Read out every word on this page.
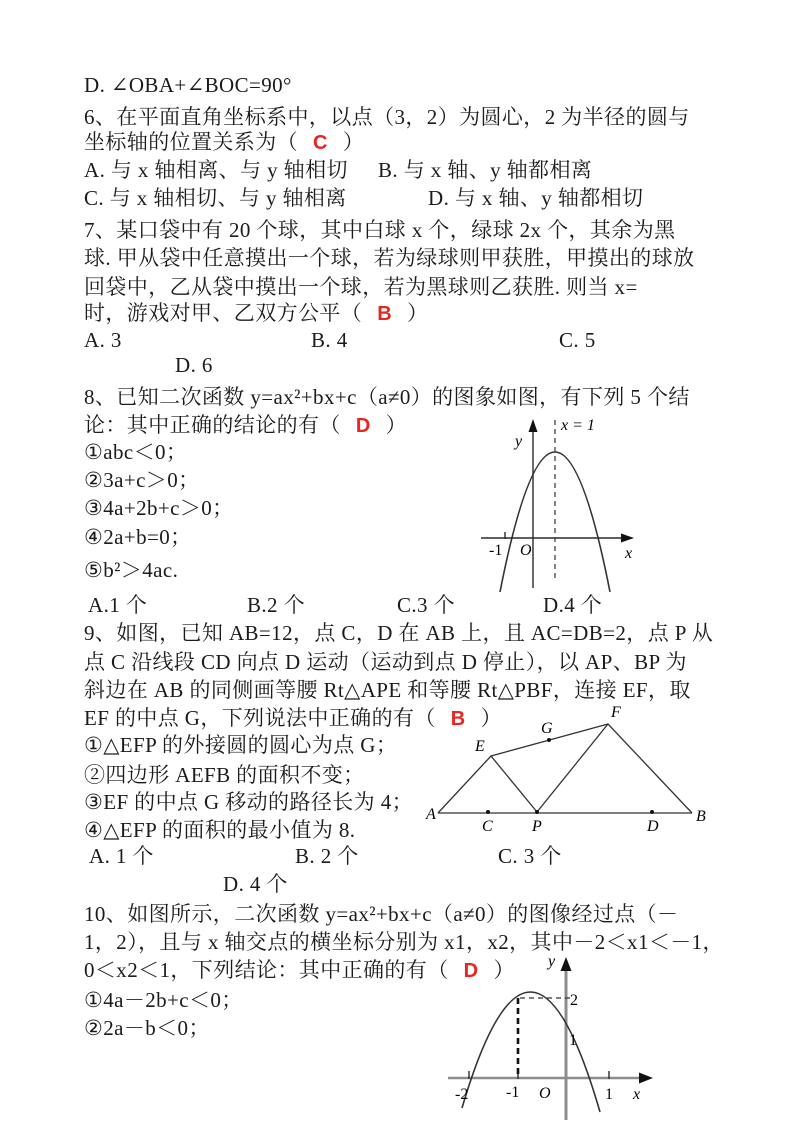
D. ∠OBA+∠BOC=90°
6、在平面直角坐标系中，以点（3，2）为圆心，2 为半径的圆与
坐标轴的位置关系为（ C ）
A. 与 x 轴相离、与 y 轴相切 B. 与 x 轴、y 轴都相离
C. 与 x 轴相切、与 y 轴相离	D. 与 x 轴、y 轴都相切
7、某口袋中有 20 个球，其中白球 x 个，绿球 2x 个，其余为黑
球. 甲从袋中任意摸出一个球，若为绿球则甲获胜，甲摸出的球放
回袋中，乙从袋中摸出一个球，若为黑球则乙获胜. 则当 x=
时，游戏对甲、乙双方公平（ B ）
A. 3	B. 4	C. 5
D. 6
8、已知二次函数 y=ax²+bx+c（a≠0）的图象如图，有下列 5 个结
论：其中正确的结论的有（ D ）
①abc＜0；
②3a+c＞0；
③4a+2b+c＞0；
④2a+b=0；
⑤b²＞4ac.
A.1 个	B.2 个	C.3 个	D.4 个
y
x = 1
O
-1	x
9、如图，已知 AB=12，点 C，D 在 AB 上，且 AC=DB=2，点 P 从
点 C 沿线段 CD 向点 D 运动（运动到点 D 停止），以 AP、BP 为
斜边在 AB 的同侧画等腰 Rt△APE 和等腰 Rt△PBF，连接 EF，取
EF 的中点 G，下列说法中正确的有（ B ）
①△EFP 的外接圆的圆心为点 G；
②四边形 AEFB 的面积不变；
③EF 的中点 G 移动的路径长为 4；
④△EFP 的面积的最小值为 8.
A. 1 个	B. 2 个	C. 3 个
D. 4 个
A
C P	D
B
E
F
G
10、如图所示，二次函数 y=ax²+bx+c（a≠0）的图像经过点（－
1，2），且与 x 轴交点的横坐标分别为 x1，x2，其中－2＜x1＜－1，
0＜x2＜1，下列结论：其中正确的有（ D ）
①4a－2b+c＜0；
②2a－b＜0；
y
2
1
-2 -1 O	1 x
